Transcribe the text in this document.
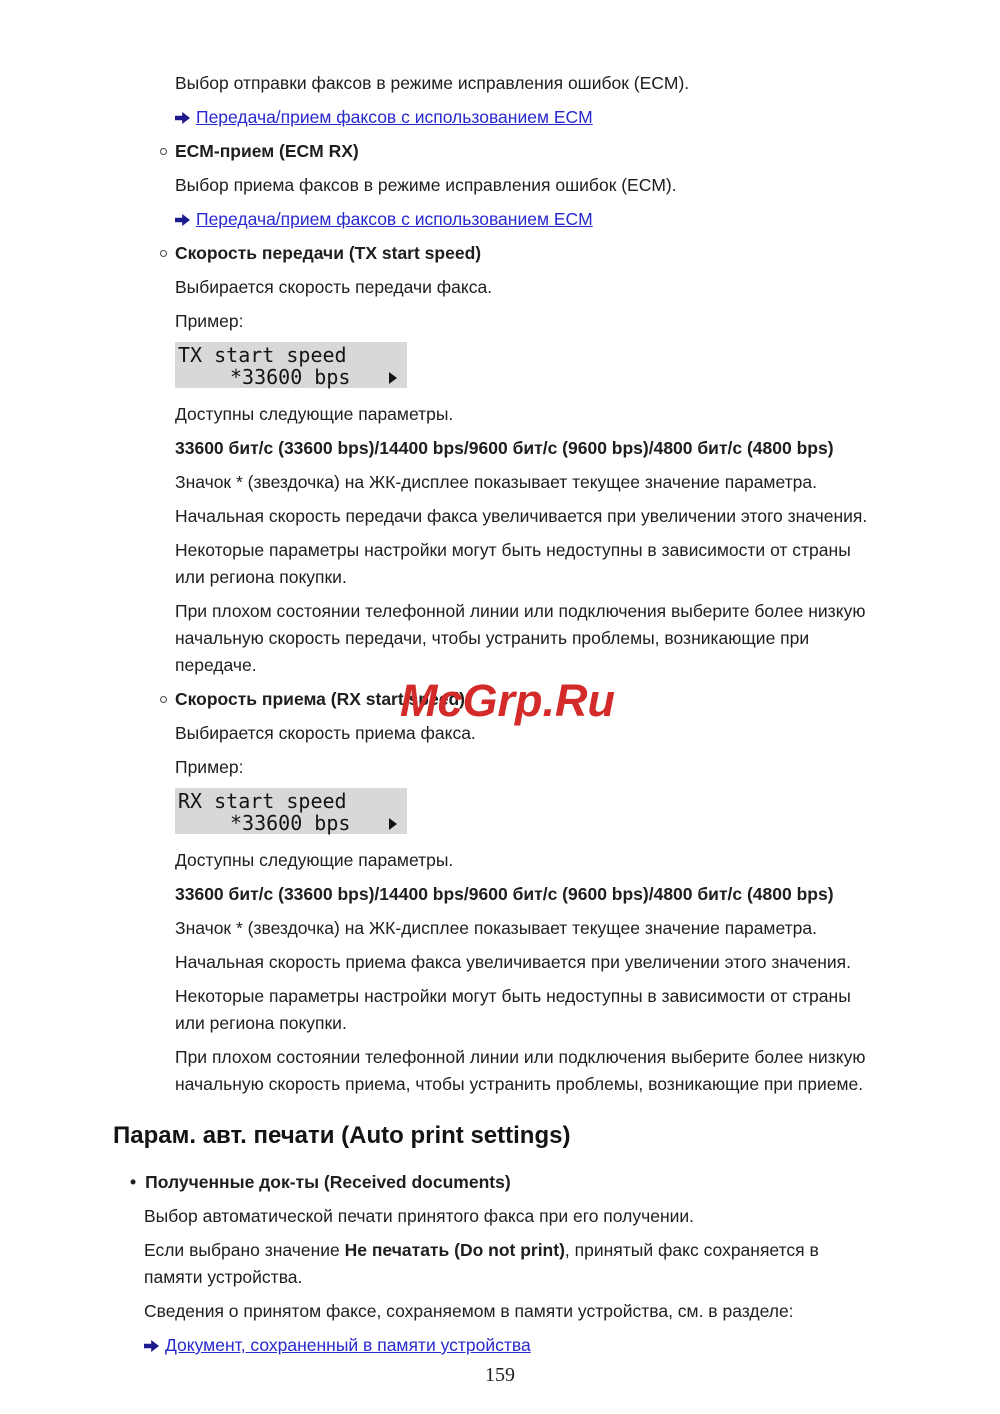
McGrp.Ru

Выбор отправки факсов в режиме исправления ошибок (ECM).

Передача/прием факсов с использованием ECM
ECM-прием (ECM RX)

Выбор приема факсов в режиме исправления ошибок (ECM).

Передача/прием факсов с использованием ECM
Скорость передачи (TX start speed)

Выбирается скорость передачи факса.

Пример:

TX start speed
*33600 bps

Доступны следующие параметры.

33600 бит/с (33600 bps)/14400 bps/9600 бит/с (9600 bps)/4800 бит/с (4800 bps)

Значок * (звездочка) на ЖК-дисплее показывает текущее значение параметра.

Начальная скорость передачи факса увеличивается при увеличении этого значения.

Некоторые параметры настройки могут быть недоступны в зависимости от страны или региона покупки.

При плохом состоянии телефонной линии или подключения выберите более низкую начальную скорость передачи, чтобы устранить проблемы, возникающие при передаче.

Скорость приема (RX start speed)

Выбирается скорость приема факса.

Пример:

RX start speed
*33600 bps

Доступны следующие параметры.

33600 бит/с (33600 bps)/14400 bps/9600 бит/с (9600 bps)/4800 бит/с (4800 bps)

Значок * (звездочка) на ЖК-дисплее показывает текущее значение параметра.

Начальная скорость приема факса увеличивается при увеличении этого значения.

Некоторые параметры настройки могут быть недоступны в зависимости от страны или региона покупки.

При плохом состоянии телефонной линии или подключения выберите более низкую начальную скорость приема, чтобы устранить проблемы, возникающие при приеме.

Парам. авт. печати (Auto print settings)
• Полученные док-ты (Received documents)

Выбор автоматической печати принятого факса при его получении.

Если выбрано значение Не печатать (Do not print), принятый факс сохраняется в памяти устройства.

Сведения о принятом факсе, сохраняемом в памяти устройства, см. в разделе:

Документ, сохраненный в памяти устройства
159
